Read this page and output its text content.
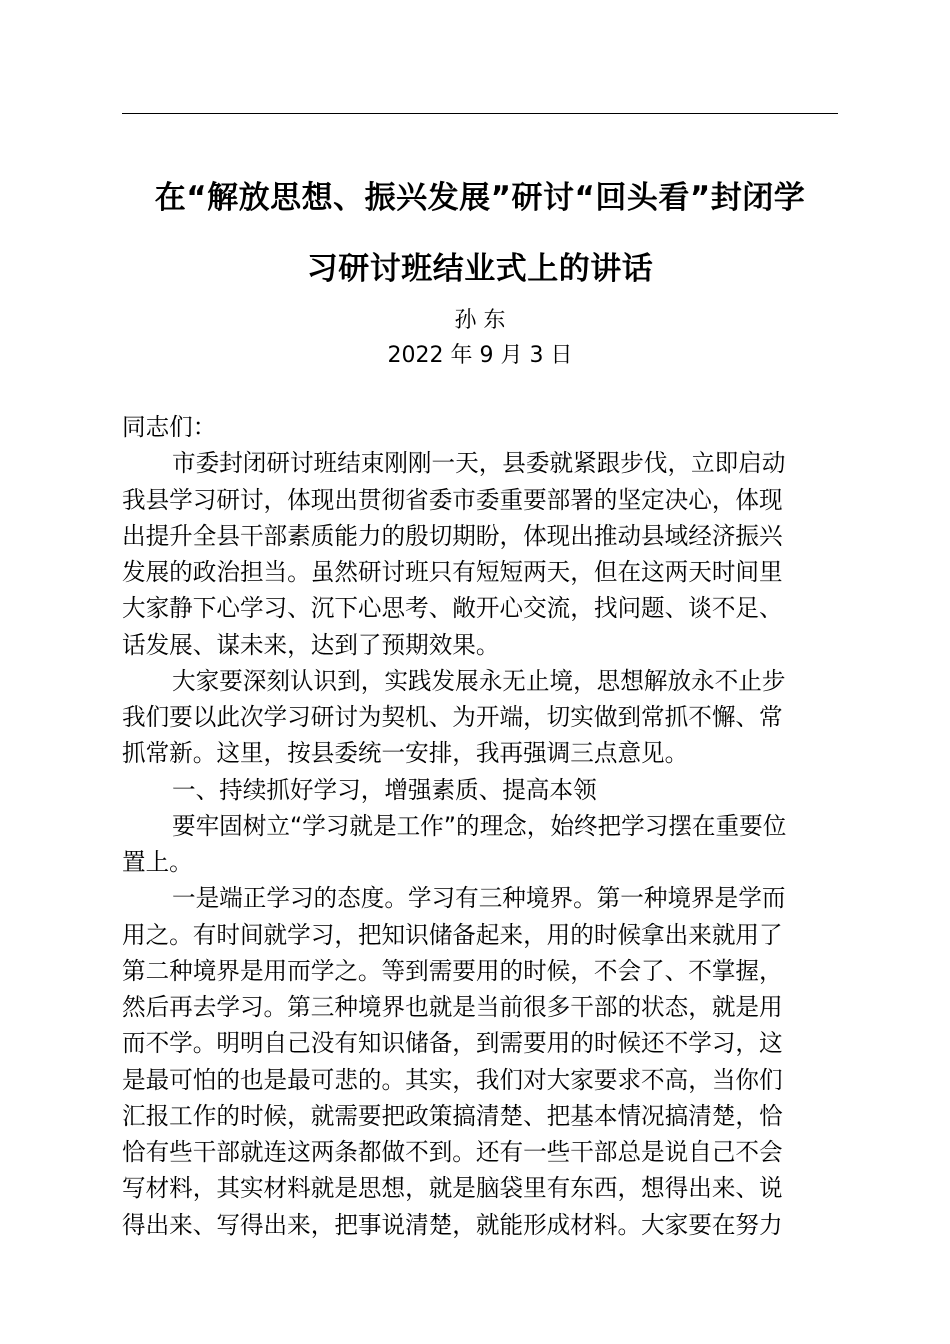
在“解放思想、振兴发展”研讨“回头看”封闭学
习研讨班结业式上的讲话
孙 东
2022 年 9 月 3 日
同志们：
市委封闭研讨班结束刚刚一天，县委就紧跟步伐，立即启动
我县学习研讨，体现出贯彻省委市委重要部署的坚定决心，体现
出提升全县干部素质能力的殷切期盼，体现出推动县域经济振兴
发展的政治担当。虽然研讨班只有短短两天，但在这两天时间里
大家静下心学习、沉下心思考、敞开心交流，找问题、谈不足、
话发展、谋未来，达到了预期效果。
大家要深刻认识到，实践发展永无止境，思想解放永不止步
我们要以此次学习研讨为契机、为开端，切实做到常抓不懈、常
抓常新。这里，按县委统一安排，我再强调三点意见。
一、持续抓好学习，增强素质、提高本领
要牢固树立“学习就是工作”的理念，始终把学习摆在重要位
置上。
一是端正学习的态度。学习有三种境界。第一种境界是学而
用之。有时间就学习，把知识储备起来，用的时候拿出来就用了
第二种境界是用而学之。等到需要用的时候，不会了、不掌握，
然后再去学习。第三种境界也就是当前很多干部的状态，就是用
而不学。明明自己没有知识储备，到需要用的时候还不学习，这
是最可怕的也是最可悲的。其实，我们对大家要求不高，当你们
汇报工作的时候，就需要把政策搞清楚、把基本情况搞清楚，恰
恰有些干部就连这两条都做不到。还有一些干部总是说自己不会
写材料，其实材料就是思想，就是脑袋里有东西，想得出来、说
得出来、写得出来，把事说清楚，就能形成材料。大家要在努力
